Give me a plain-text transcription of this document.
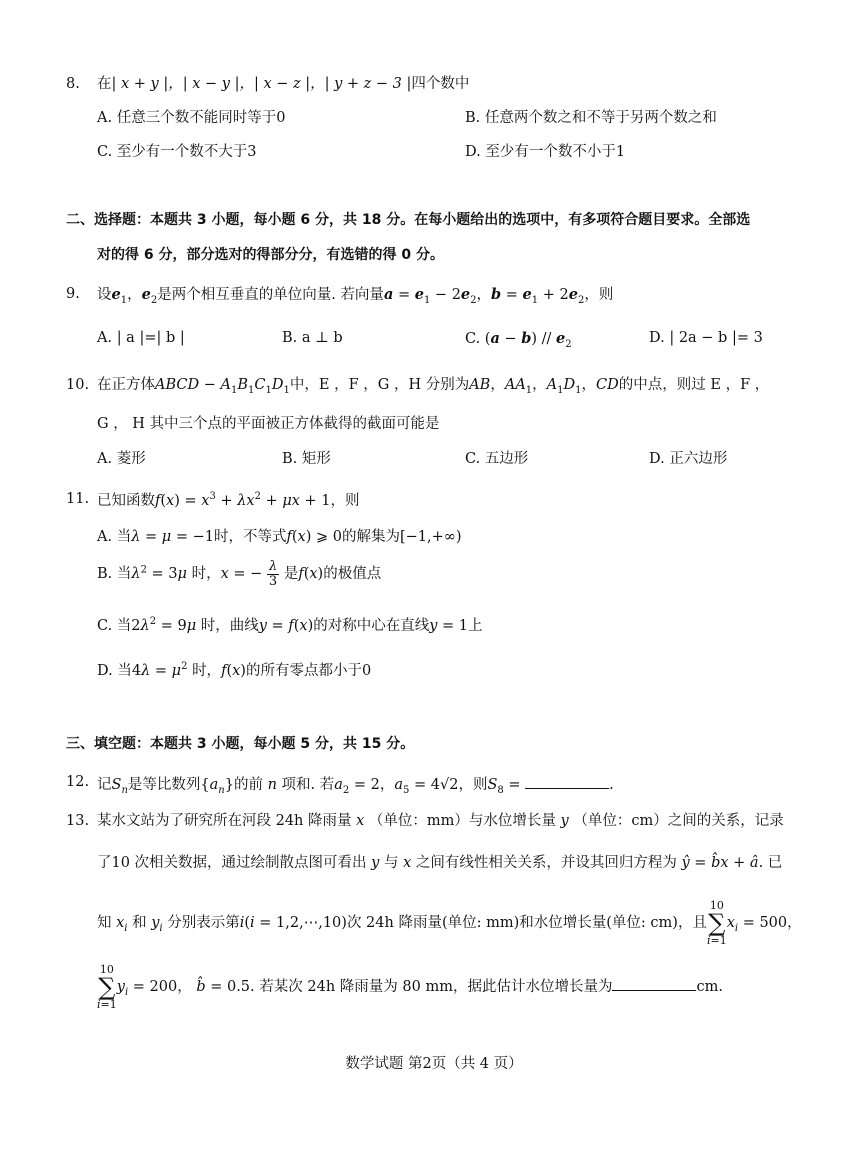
8. 在| x + y |，| x − y |，| x − z |，| y + z − 3 |四个数中
A. 任意三个数不能同时等于0	B. 任意两个数之和不等于另两个数之和
C. 至少有一个数不大于3	D. 至少有一个数不小于1
二、选择题：本题共 3 小题，每小题 6 分，共 18 分。在每小题给出的选项中，有多项符合题目要求。全部选
对的得 6 分，部分选对的得部分分，有选错的得 0 分。
9. 设$e_1$，$e_2$是两个相互垂直的单位向量. 若向量$a = e_1 - 2e_2$，$b = e_1 + 2e_2$，则
A. | a |=| b |	B. a ⊥ b	C. $(a - b) // e_2$	D. | 2a − b |= 3
10. 在正方体ABCD − $A_1B_1C_1D_1$中，E ，F ，G ，H 分别为AB，$AA_1$，$A_1D_1$，CD的中点，则过 E ，F ，
G ， H 其中三个点的平面被正方体截得的截面可能是
A. 菱形	B. 矩形	C. 五边形	D. 正六边形
11. 已知函数$f(x) = x^3 + \lambda x^2 + \mu x + 1$，则
A. 当λ = μ = −1时，不等式f(x) ⩾ 0的解集为[−1,+∞)
B. 当$\lambda^2 = 3\mu$ 时，x = − $\frac{\lambda}{3}$ 是f(x)的极值点
C. 当$2\lambda^2 = 9\mu$ 时，曲线y = f(x)的对称中心在直线y = 1上
D. 当$4\lambda = \mu^2$ 时，f(x)的所有零点都小于0
三、填空题：本题共 3 小题，每小题 5 分，共 15 分。
12. 记$S_n$是等比数列$\{a_n\}$的前 n 项和. 若$a_2 = 2$，$a_5 = 4√2$，则$S_8$ =	.
13. 某水文站为了研究所在河段 24h 降雨量 x （单位：mm）与水位增长量 y （单位：cm）之间的关系，记录
了10 次相关数据，通过绘制散点图可看出 y 与 x 之间有线性相关关系，并设其回归方程为 ŷ = b̂x + â. 已
知 $x_i$ 和 $y_i$ 分别表示第i(i = 1,2,⋯,10)次 24h 降雨量(单位: mm)和水位增长量(单位: cm)，且10
∑
$i=1x_i = 500$，
10
∑
$i=1y_i = 200$， b̂ = 0.5. 若某次 24h 降雨量为 80 mm，据此估计水位增长量为	cm.
数学试题 第2页（共 4 页）
